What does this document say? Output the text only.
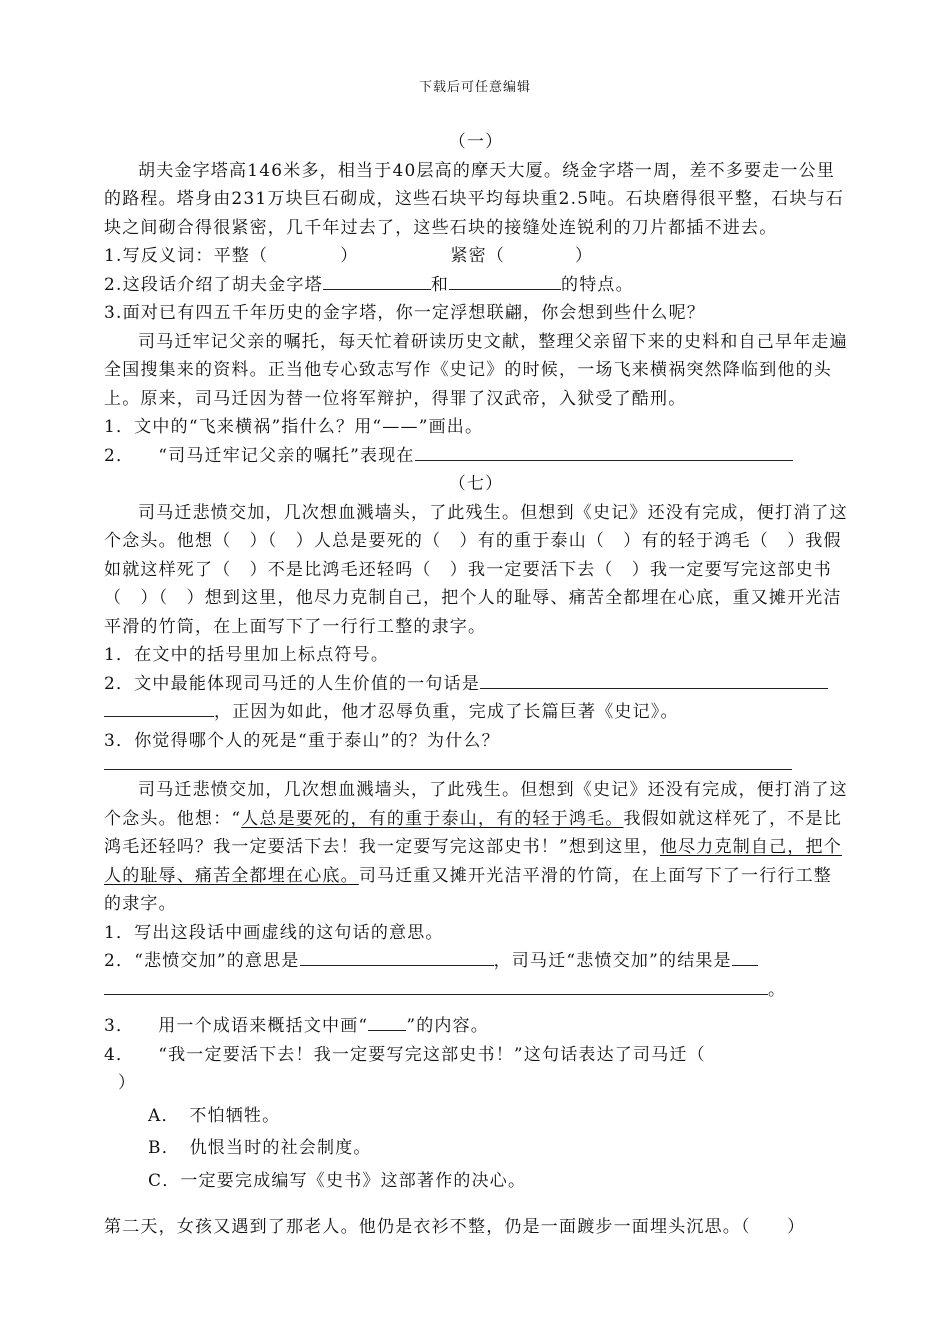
下载后可任意编辑

（一）

胡夫金字塔高146米多，相当于40层高的摩天大厦。绕金字塔一周，差不多要走一公里的路程。塔身由231万块巨石砌成，这些石块平均每块重2.5吨。石块磨得很平整，石块与石块之间砌合得很紧密，几千年过去了，这些石块的接缝处连锐利的刀片都插不进去。

1.写反义词：平整（	）	紧密（	）

2.这段话介绍了胡夫金字塔	和	的特点。

3.面对已有四五千年历史的金字塔，你一定浮想联翩，你会想到些什么呢？

司马迁牢记父亲的嘱托，每天忙着研读历史文献，整理父亲留下来的史料和自己早年走遍全国搜集来的资料。正当他专心致志写作《史记》的时候，一场飞来横祸突然降临到他的头上。原来，司马迁因为替一位将军辩护，得罪了汉武帝，入狱受了酷刑。

1．文中的“飞来横祸”指什么？用“——”画出。

2． “司马迁牢记父亲的嘱托”表现在

（七）

司马迁悲愤交加，几次想血溅墙头，了此残生。但想到《史记》还没有完成，便打消了这个念头。他想（　）（　）人总是要死的（　）有的重于泰山（　）有的轻于鸿毛（　）我假如就这样死了（　）不是比鸿毛还轻吗（　）我一定要活下去（　）我一定要写完这部史书（　）（　）想到这里，他尽力克制自己，把个人的耻辱、痛苦全都埋在心底，重又摊开光洁平滑的竹筒，在上面写下了一行行工整的隶字。

1．在文中的括号里加上标点符号。

2．文中最能体现司马迁的人生价值的一句话是
，正因为如此，他才忍辱负重，完成了长篇巨著《史记》。

3．你觉得哪个人的死是“重于泰山”的？为什么？

司马迁悲愤交加，几次想血溅墙头，了此残生。但想到《史记》还没有完成，便打消了这个念头。他想：“人总是要死的，有的重于泰山，有的轻于鸿毛。我假如就这样死了，不是比鸿毛还轻吗？我一定要活下去！我一定要写完这部史书！”想到这里，他尽力克制自己，把个人的耻辱、痛苦全都埋在心底。司马迁重又摊开光洁平滑的竹筒，在上面写下了一行行工整的隶字。

1．写出这段话中画虚线的这句话的意思。

2．“悲愤交加”的意思是	，司马迁“悲愤交加”的结果是
。

3． 用一个成语来概括文中画“ ”的内容。

4． “我一定要活下去！我一定要写完这部史书！”这句话表达了司马迁（
）

A．　不怕牺牲。

B．　仇恨当时的社会制度。

C．一定要完成编写《史书》这部著作的决心。

第二天，女孩又遇到了那老人。他仍是衣衫不整，仍是一面踱步一面埋头沉思。（　　）
